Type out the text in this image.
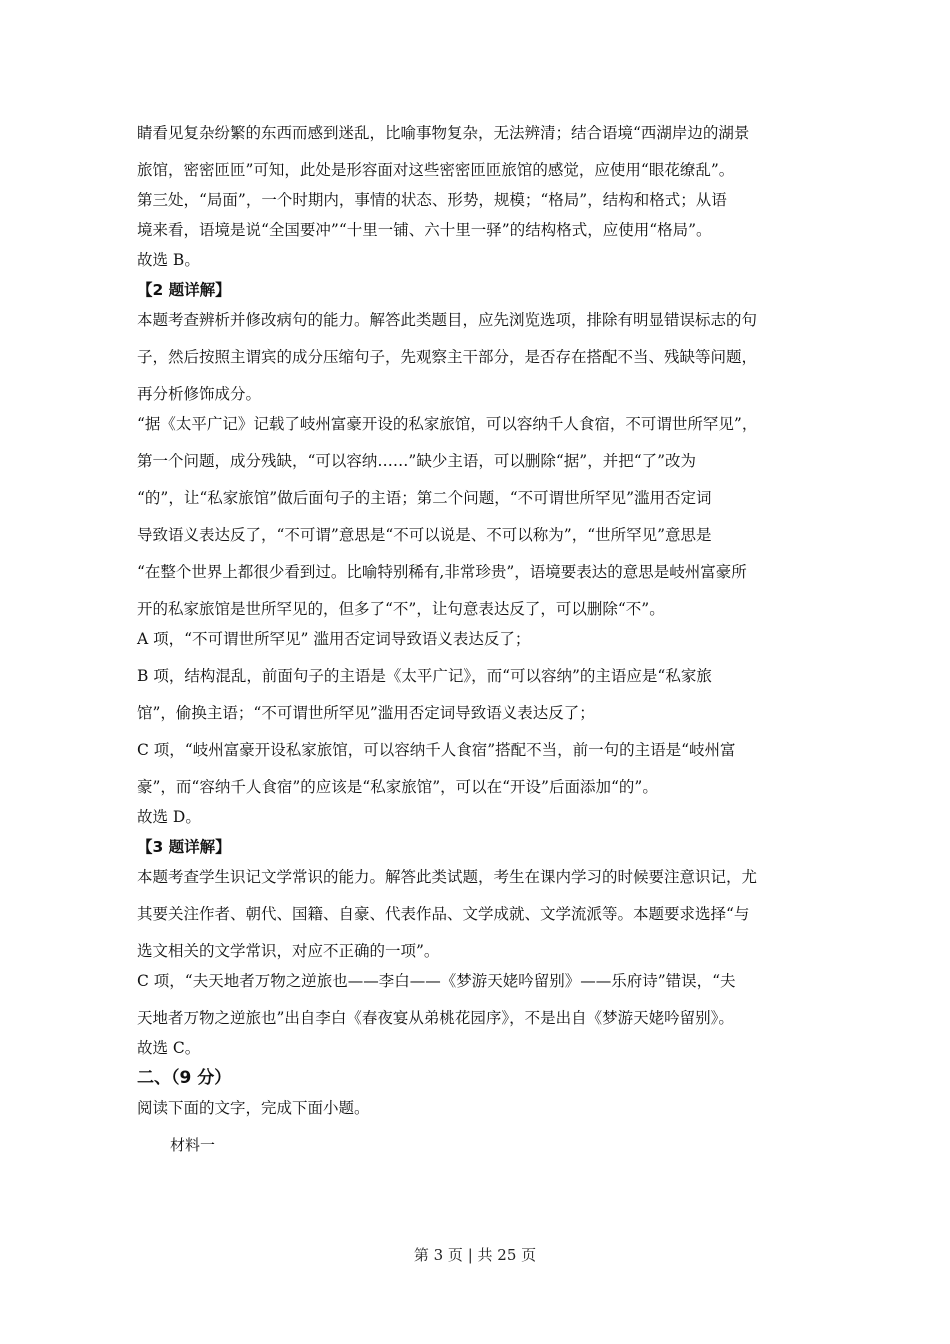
睛看见复杂纷繁的东西而感到迷乱，比喻事物复杂，无法辨清；结合语境“西湖岸边的湖景
旅馆，密密匝匝”可知，此处是形容面对这些密密匝匝旅馆的感觉，应使用“眼花缭乱”。
第三处，“局面”，一个时期内，事情的状态、形势，规模；“格局”，结构和格式；从语
境来看，语境是说“全国要冲”“十里一铺、六十里一驿”的结构格式，应使用“格局”。
故选 B。
【2 题详解】
本题考查辨析并修改病句的能力。解答此类题目，应先浏览选项，排除有明显错误标志的句
子，然后按照主谓宾的成分压缩句子，先观察主干部分，是否存在搭配不当、残缺等问题，
再分析修饰成分。
“据《太平广记》记载了岐州富豪开设的私家旅馆，可以容纳千人食宿，不可谓世所罕见”，
第一个问题，成分残缺，“可以容纳……”缺少主语，可以删除“据”，并把“了”改为
“的”，让“私家旅馆”做后面句子的主语；第二个问题，“不可谓世所罕见”滥用否定词
导致语义表达反了，“不可谓”意思是“不可以说是、不可以称为”，“世所罕见”意思是
“在整个世界上都很少看到过。比喻特别稀有,非常珍贵”，语境要表达的意思是岐州富豪所
开的私家旅馆是世所罕见的，但多了“不”，让句意表达反了，可以删除“不”。
A 项，“不可谓世所罕见” 滥用否定词导致语义表达反了；
B 项，结构混乱，前面句子的主语是《太平广记》，而“可以容纳”的主语应是“私家旅
馆”，偷换主语；“不可谓世所罕见”滥用否定词导致语义表达反了；
C 项，“岐州富豪开设私家旅馆，可以容纳千人食宿”搭配不当，前一句的主语是“岐州富
豪”，而“容纳千人食宿”的应该是“私家旅馆”，可以在“开设”后面添加“的”。
故选 D。
【3 题详解】
本题考查学生识记文学常识的能力。解答此类试题，考生在课内学习的时候要注意识记，尤
其要关注作者、朝代、国籍、自豪、代表作品、文学成就、文学流派等。本题要求选择“与
选文相关的文学常识，对应不正确的一项”。
C 项，“夫天地者万物之逆旅也——李白——《梦游天姥吟留别》——乐府诗”错误，“夫
天地者万物之逆旅也”出自李白《春夜宴从弟桃花园序》，不是出自《梦游天姥吟留别》。
故选 C。
二、（9 分）
阅读下面的文字，完成下面小题。
材料一
第 3 页 | 共 25 页
